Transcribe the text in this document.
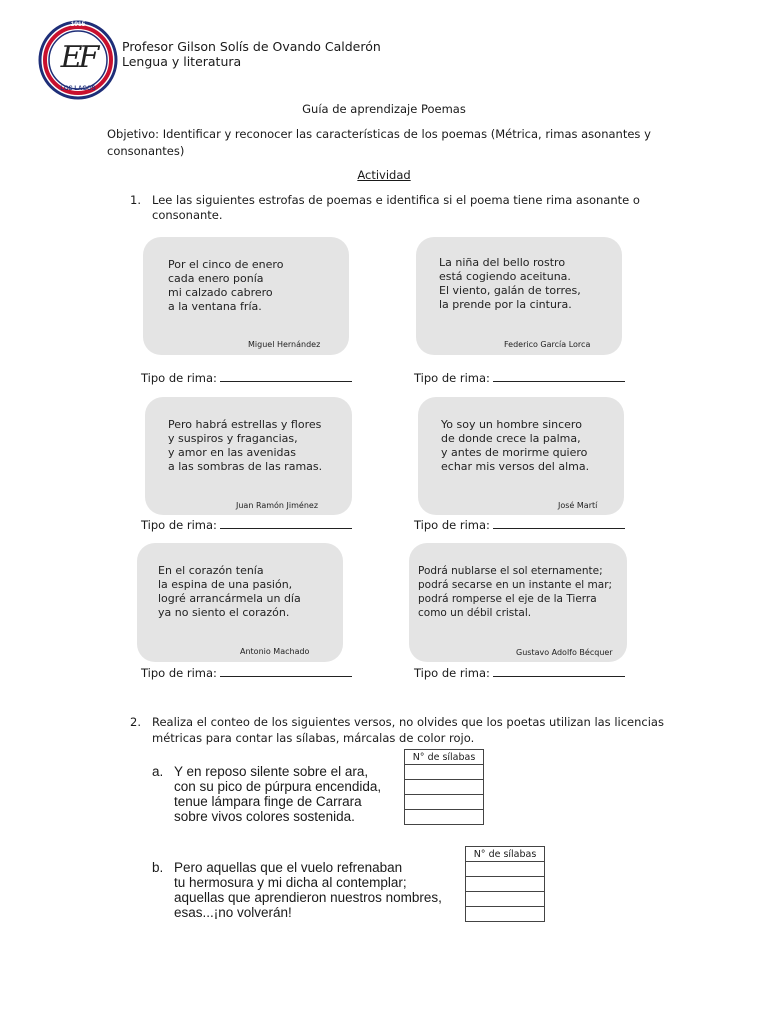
EF
1915
LOS LAGOS
Profesor Gilson Solís de Ovando Calderón
Lengua y literatura
Guía de aprendizaje Poemas
Objetivo: Identificar y reconocer las características de los poemas (Métrica, rimas asonantes y
consonantes)
Actividad
1. Lee las siguientes estrofas de poemas e identifica si el poema tiene rima asonante o
consonante.
Por el cinco de enero
cada enero ponía
mi calzado cabrero
a la ventana fría.
Miguel Hernández
La niña del bello rostro
está cogiendo aceituna.
El viento, galán de torres,
la prende por la cintura.
Federico García Lorca
Tipo de rima:	Tipo de rima:
Pero habrá estrellas y flores
y suspiros y fragancias,
y amor en las avenidas
a las sombras de las ramas.
Juan Ramón Jiménez
Yo soy un hombre sincero
de donde crece la palma,
y antes de morirme quiero
echar mis versos del alma.
José Martí
Tipo de rima:	Tipo de rima:
En el corazón tenía
la espina de una pasión,
logré arrancármela un día
ya no siento el corazón.
Antonio Machado
Podrá nublarse el sol eternamente;
podrá secarse en un instante el mar;
podrá romperse el eje de la Tierra
como un débil cristal.
Gustavo Adolfo Bécquer
Tipo de rima:	Tipo de rima:
2. Realiza el conteo de los siguientes versos, no olvides que los poetas utilizan las licencias
métricas para contar las sílabas, márcalas de color rojo.
a. Y en reposo silente sobre el ara,
con su pico de púrpura encendida,
tenue lámpara finge de Carrara
sobre vivos colores sostenida.
N° de sílabas

b. Pero aquellas que el vuelo refrenaban
tu hermosura y mi dicha al contemplar;
aquellas que aprendieron nuestros nombres,
esas...¡no volverán!
N° de sílabas
